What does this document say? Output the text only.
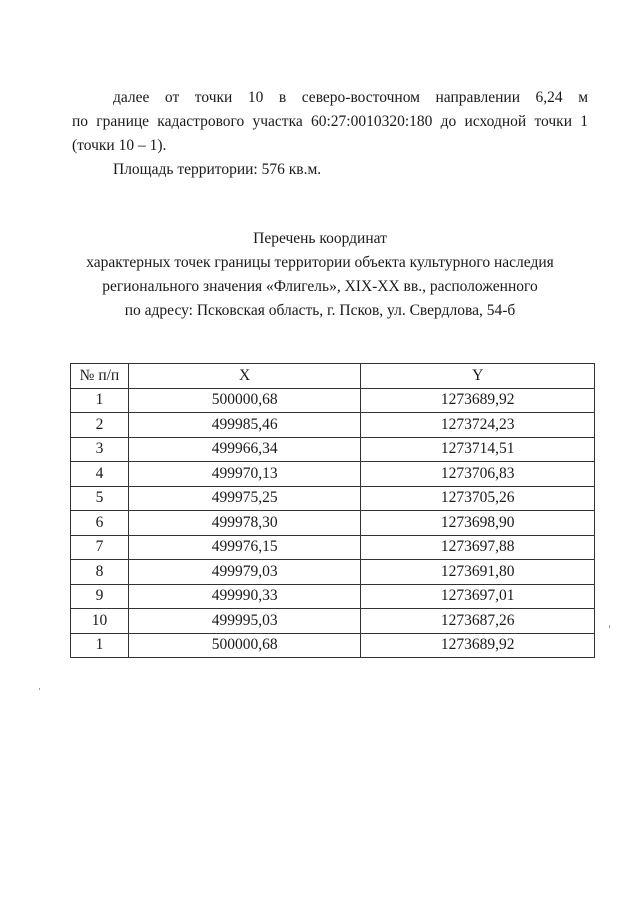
далее от точки 10 в северо-восточном направлении 6,24 м
по границе кадастрового участка 60:27:0010320:180 до исходной точки 1
(точки 10 – 1).
Площадь территории: 576 кв.м.
Перечень координат
характерных точек границы территории объекта культурного наследия
регионального значения «Флигель», XIX-XX вв., расположенного
по адресу: Псковская область, г. Псков, ул. Свердлова, 54-б
№ п/п	X	Y
1	500000,68	1273689,92
2	499985,46	1273724,23
3	499966,34	1273714,51
4	499970,13	1273706,83
5	499975,25	1273705,26
6	499978,30	1273698,90
7	499976,15	1273697,88
8	499979,03	1273691,80
9	499990,33	1273697,01
10	499995,03	1273687,26
1	500000,68	1273689,92
